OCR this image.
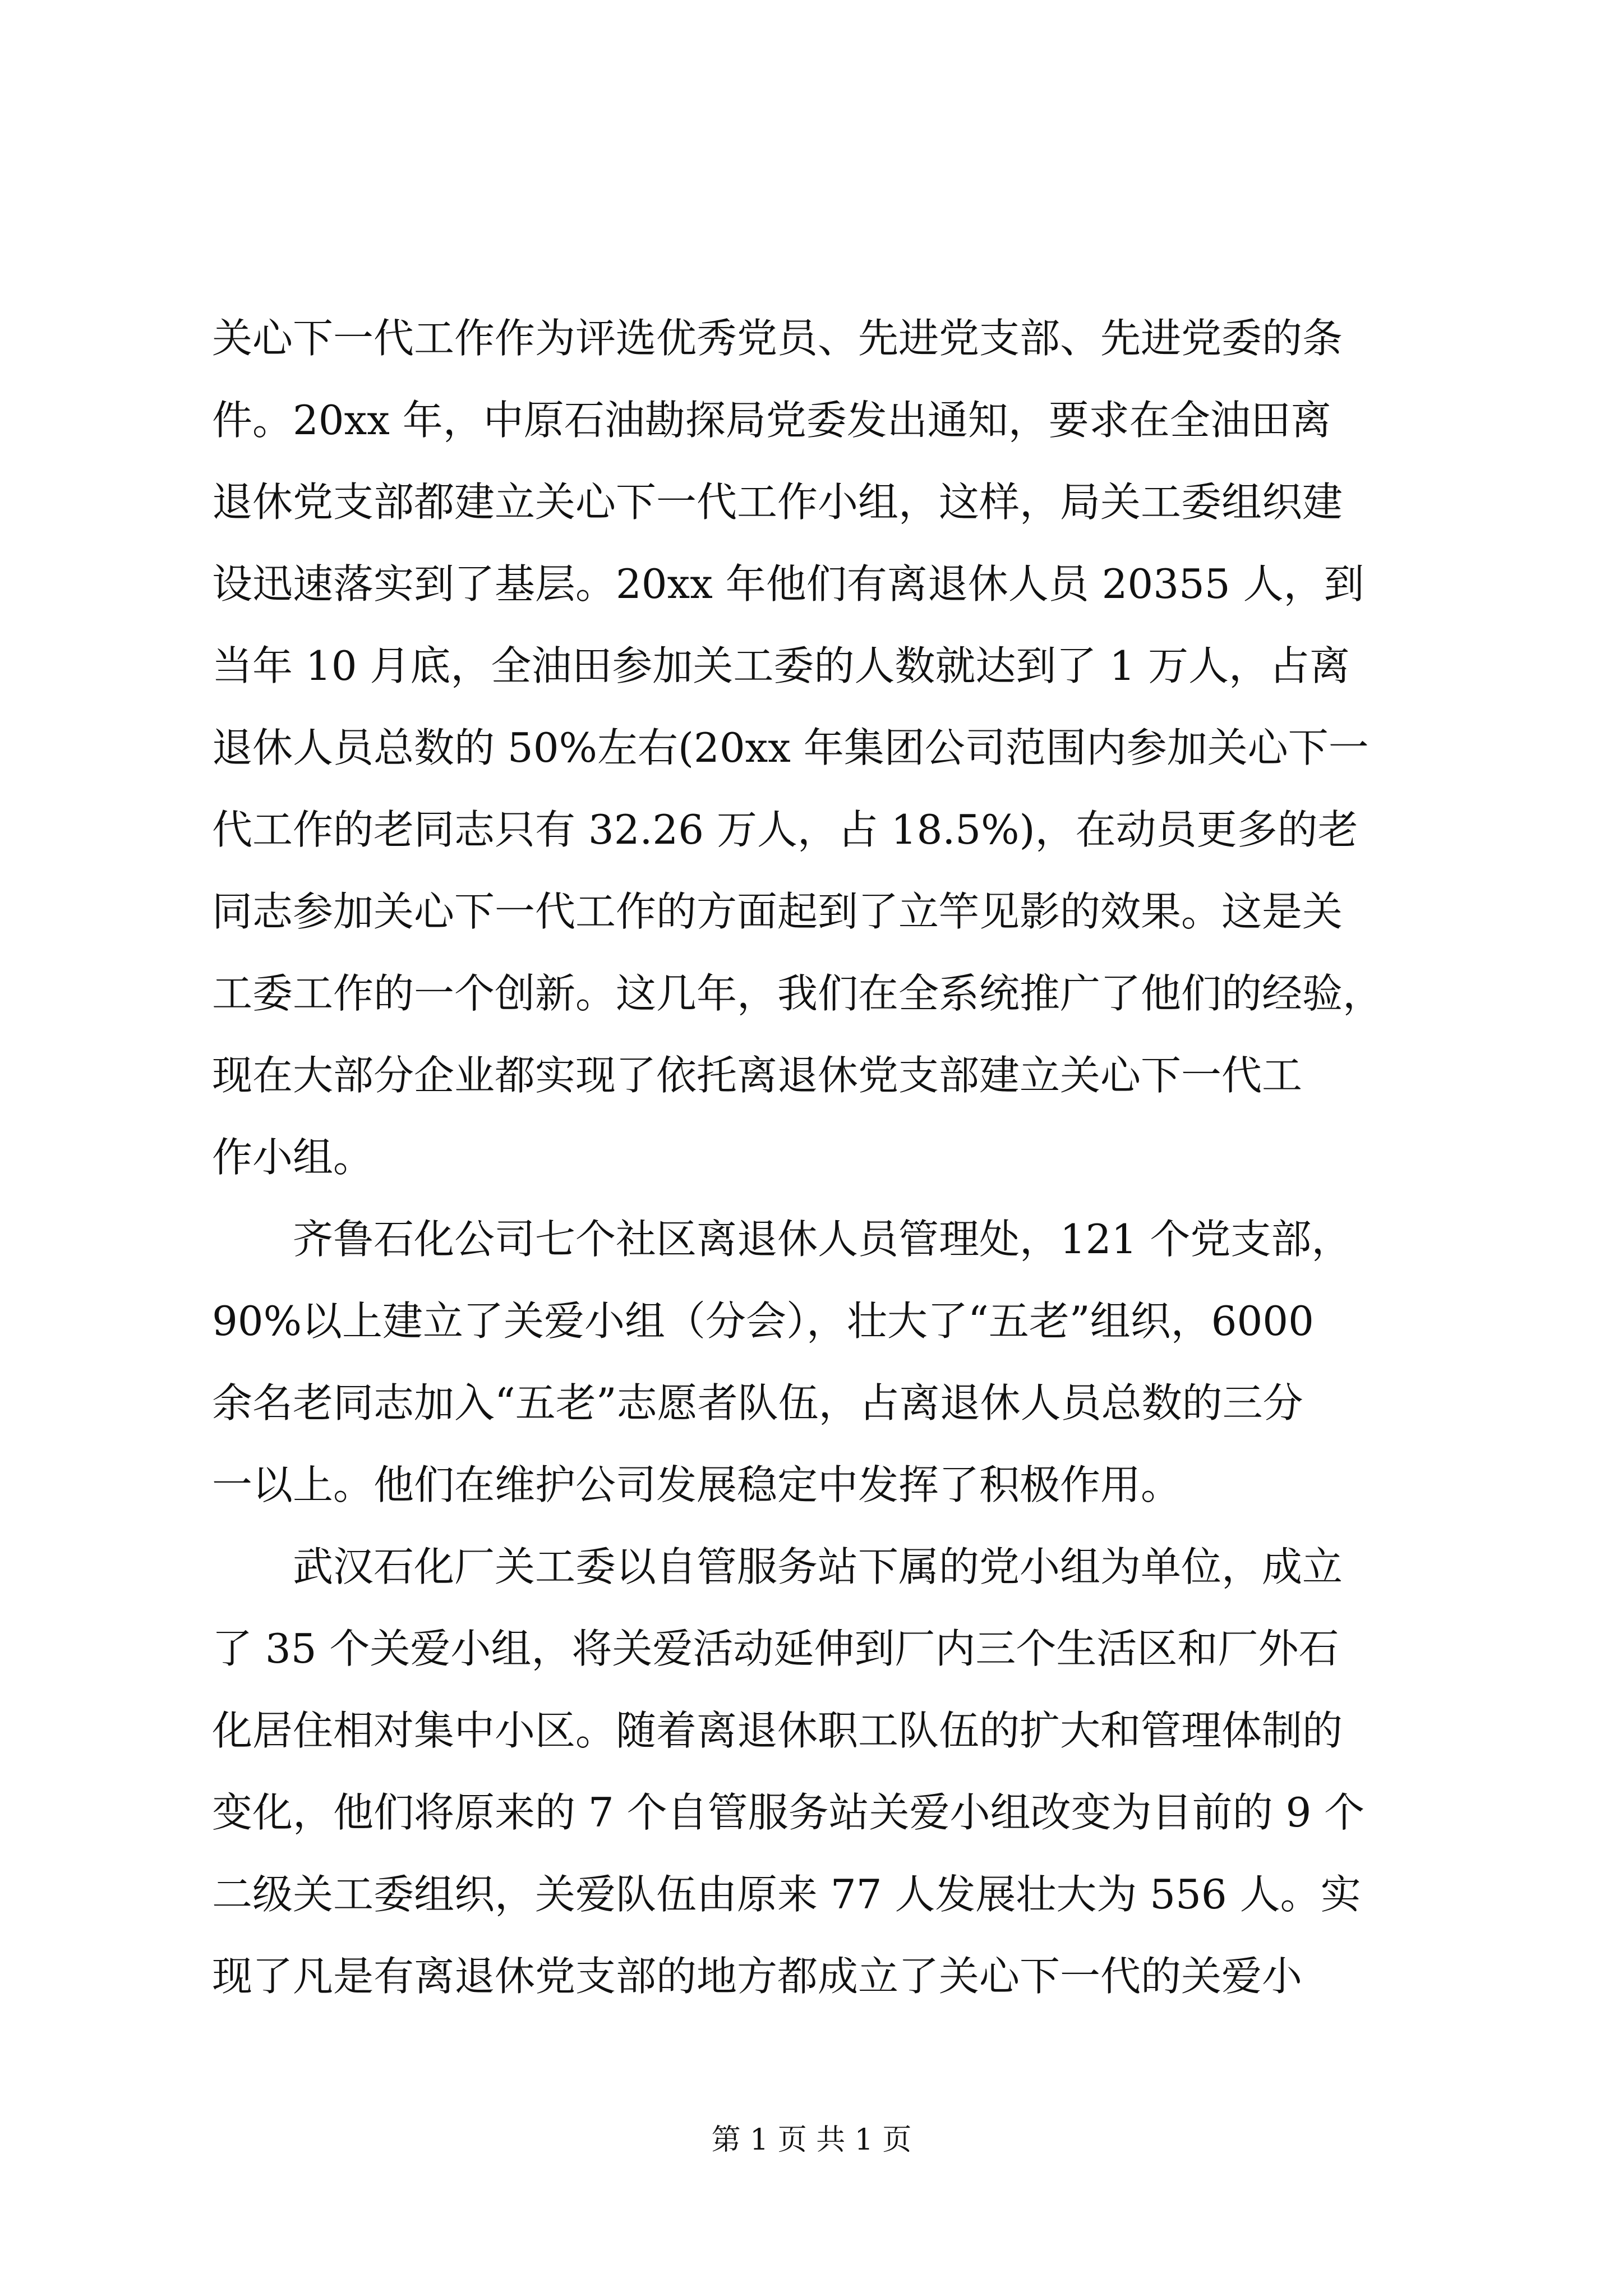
关心下一代工作作为评选优秀党员、先进党支部、先进党委的条
件。20xx 年，中原石油勘探局党委发出通知，要求在全油田离
退休党支部都建立关心下一代工作小组，这样，局关工委组织建
设迅速落实到了基层。20xx 年他们有离退休人员 20355 人，到
当年 10 月底，全油田参加关工委的人数就达到了 1 万人，占离
退休人员总数的 50%左右(20xx 年集团公司范围内参加关心下一
代工作的老同志只有 32.26 万人，占 18.5%)，在动员更多的老
同志参加关心下一代工作的方面起到了立竿见影的效果。这是关
工委工作的一个创新。这几年，我们在全系统推广了他们的经验，
现在大部分企业都实现了依托离退休党支部建立关心下一代工
作小组。
　　齐鲁石化公司七个社区离退休人员管理处，121 个党支部，
90%以上建立了关爱小组（分会），壮大了“五老”组织，6000
余名老同志加入“五老”志愿者队伍，占离退休人员总数的三分
一以上。他们在维护公司发展稳定中发挥了积极作用。
　　武汉石化厂关工委以自管服务站下属的党小组为单位，成立
了 35 个关爱小组，将关爱活动延伸到厂内三个生活区和厂外石
化居住相对集中小区。随着离退休职工队伍的扩大和管理体制的
变化，他们将原来的 7 个自管服务站关爱小组改变为目前的 9 个
二级关工委组织，关爱队伍由原来 77 人发展壮大为 556 人。实
现了凡是有离退休党支部的地方都成立了关心下一代的关爱小
第 1 页 共 1 页
